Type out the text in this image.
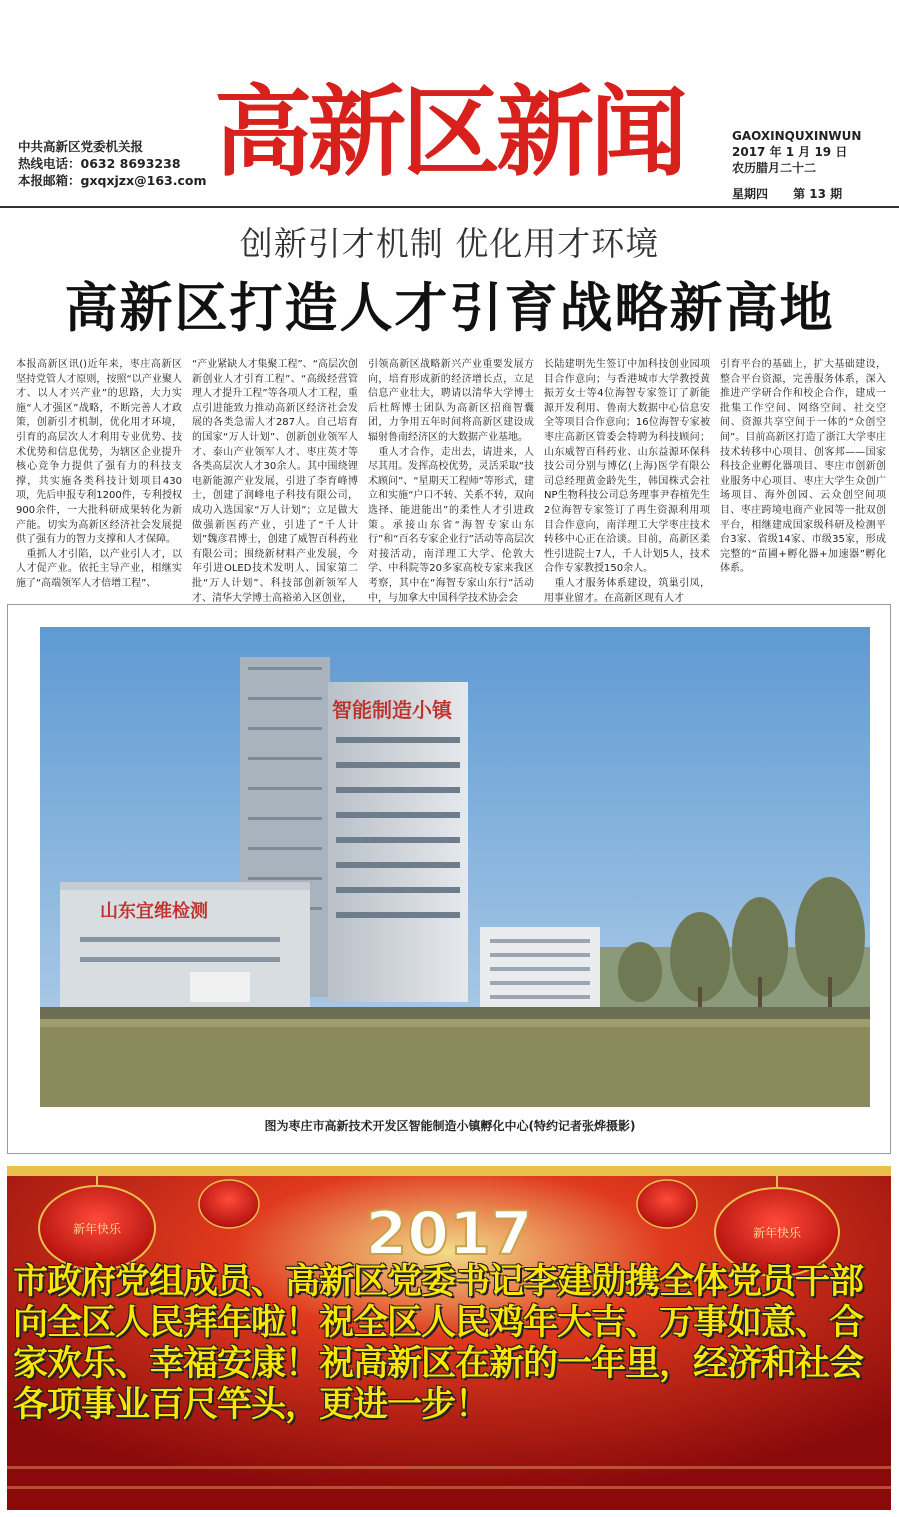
中共高新区党委机关报
热线电话：0632 8693238
本报邮箱：gxqxjzx@163.com 高新区新闻	GAOXINQUXINWUN
2017 年 1 月 19 日
农历腊月二十二
星期四 第 13 期
创新引才机制 优化用才环境
高新区打造人才引育战略新高地
本报高新区讯()近年来，枣庄高新区坚持党管人才原则，按照“以产业聚人才、以人才兴产业”的思路，大力实施“人才强区”战略，不断完善人才政策，创新引才机制，优化用才环境，引育的高层次人才利用专业优势、技术优势和信息优势，为辖区企业提升核心竞争力提供了强有力的科技支撑，共实施各类科技计划项目430项，先后申报专利1200件，专利授权900余件，一大批科研成果转化为新产能。切实为高新区经济社会发展提供了强有力的智力支撑和人才保障。
　重抓人才引陷，以产业引人才，以人才促产业。依托主导产业，相继实施了“高端领军人才倍增工程”、
“产业紧缺人才集聚工程”、“高层次创新创业人才引育工程”、“高级经营管理人才提升工程”等各项人才工程，重点引进能致力推动高新区经济社会发展的各类急需人才287人。自己培育的国家“万人计划”、创新创业领军人才、泰山产业领军人才、枣庄英才等各类高层次人才30余人。其中围绕锂电新能源产业发展，引进了李育峰博士，创建了润峰电子科技有限公司，成功入选国家“万人计划”；立足做大做强新医药产业，引进了“千人计划”魏彦君博士，创建了威智百科药业有限公司；围绕新材料产业发展，今年引进OLED技术发明人、国家第二批“万人计划”、科技部创新领军人才、清华大学博士高裕弟入区创业，
引领高新区战略新兴产业重要发展方向，培育形成新的经济增长点，立足信息产业壮大，聘请以清华大学博士后杜辉博士团队为高新区招商智囊团，力争用五年时间将高新区建设成辐射鲁南经济区的大数据产业基地。
　重人才合作，走出去，请进来，人尽其用。发挥高校优势，灵活采取“技术顾问”、“星期天工程师”等形式，建立和实施“户口不转、关系不转，双向选择、能进能出”的柔性人才引进政策。承接山东省“海智专家山东行”和“百名专家企业行”活动等高层次对接活动，南洋理工大学、伦敦大学、中科院等20多家高校专家来我区考察，其中在“海智专家山东行”活动中，与加拿大中国科学技术协会会
长陆建明先生签订中加科技创业园项目合作意向；与香港城市大学教授黄振芳女士等4位海智专家签订了新能源开发利用、鲁南大数据中心信息安全等项目合作意向；16位海智专家被枣庄高新区管委会特聘为科技顾问；山东威智百科药业、山东益源环保科技公司分别与博亿(上海)医学有限公司总经理黄金龄先生，韩国株式会社NP生物科技公司总务理事尹春植先生2位海智专家签订了再生资源利用项目合作意向，南洋理工大学枣庄技术转移中心正在洽谈。目前，高新区柔性引进院士7人，千人计划5人，技术合作专家教授150余人。
　重人才服务体系建设，筑巢引凤，用事业留才。在高新区现有人才
引育平台的基础上，扩大基础建设，整合平台资源，完善服务体系，深入推进产学研合作和校企合作，建成一批集工作空间、网络空间、社交空间、资源共享空间于一体的“众创空间”。目前高新区打造了浙江大学枣庄技术转移中心项目、创客邦——国家科技企业孵化器项目、枣庄市创新创业服务中心项目、枣庄大学生众创广场项目、海外创园、云众创空间项目、枣庄跨境电商产业园等一批双创平台，相继建成国家级科研及检测平台3家、省级14家、市级35家，形成完整的“苗圃+孵化器+加速器”孵化体系。
智能制造小镇
山东宜维检测
图为枣庄市高新技术开发区智能制造小镇孵化中心(特约记者张烨摄影)
新年快乐	新年快乐
2017
市政府党组成员、高新区党委书记李建勋携全体党员干部向全区人民拜年啦！祝全区人民鸡年大吉、万事如意、合家欢乐、幸福安康！祝高新区在新的一年里，经济和社会各项事业百尺竿头，更进一步！
